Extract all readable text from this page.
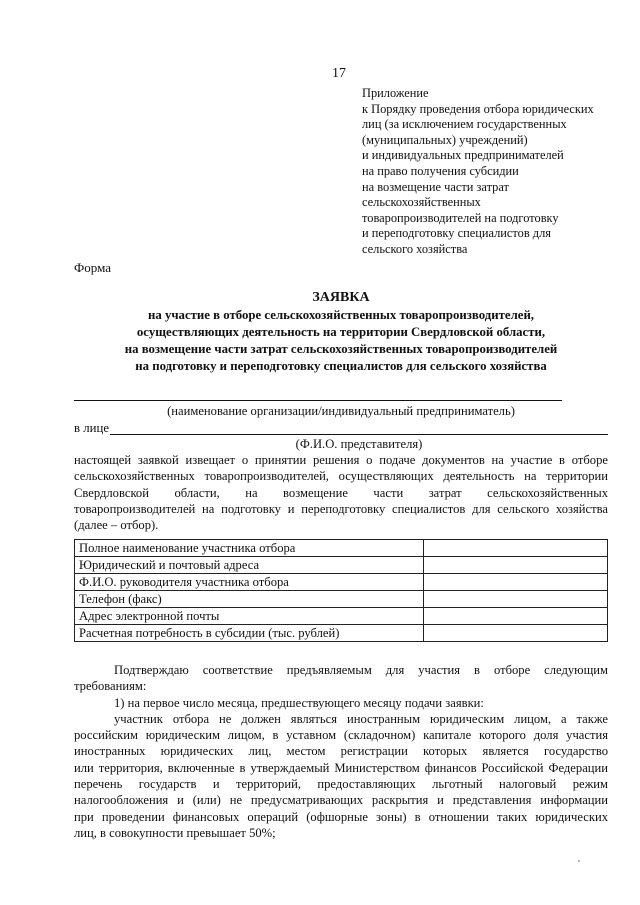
17
Приложение
к Порядку проведения отбора юридических
лиц (за исключением государственных
(муниципальных) учреждений)
и индивидуальных предпринимателей
на право получения субсидии
на возмещение части затрат
сельскохозяйственных
товаропроизводителей на подготовку
и переподготовку специалистов для
сельского хозяйства
Форма
ЗАЯВКА
на участие в отборе сельскохозяйственных товаропроизводителей,
осуществляющих деятельность на территории Свердловской области,
на возмещение части затрат сельскохозяйственных товаропроизводителей
на подготовку и переподготовку специалистов для сельского хозяйства
(наименование организации/индивидуальный предприниматель)
в лице
(Ф.И.О. представителя)
настоящей заявкой извещает о принятии решения о подаче документов на участие в отборе
сельскохозяйственных товаропроизводителей, осуществляющих деятельность на территории
Свердловской области, на возмещение части затрат сельскохозяйственных
товаропроизводителей на подготовку и переподготовку специалистов для сельского хозяйства
(далее – отбор).
Полное наименование участника отбора	
Юридический и почтовый адреса	
Ф.И.О. руководителя участника отбора	
Телефон (факс)	
Адрес электронной почты	
Расчетная потребность в субсидии (тыс. рублей)	
Подтверждаю соответствие предъявляемым для участия в отборе следующим
требованиям:
1) на первое число месяца, предшествующего месяцу подачи заявки:
участник отбора не должен являться иностранным юридическим лицом, а также
российским юридическим лицом, в уставном (складочном) капитале которого доля участия
иностранных юридических лиц, местом регистрации которых является государство
или территория, включенные в утверждаемый Министерством финансов Российской Федерации
перечень государств и территорий, предоставляющих льготный налоговый режим
налогообложения и (или) не предусматривающих раскрытия и представления информации
при проведении финансовых операций (офшорные зоны) в отношении таких юридических
лиц, в совокупности превышает 50%;
